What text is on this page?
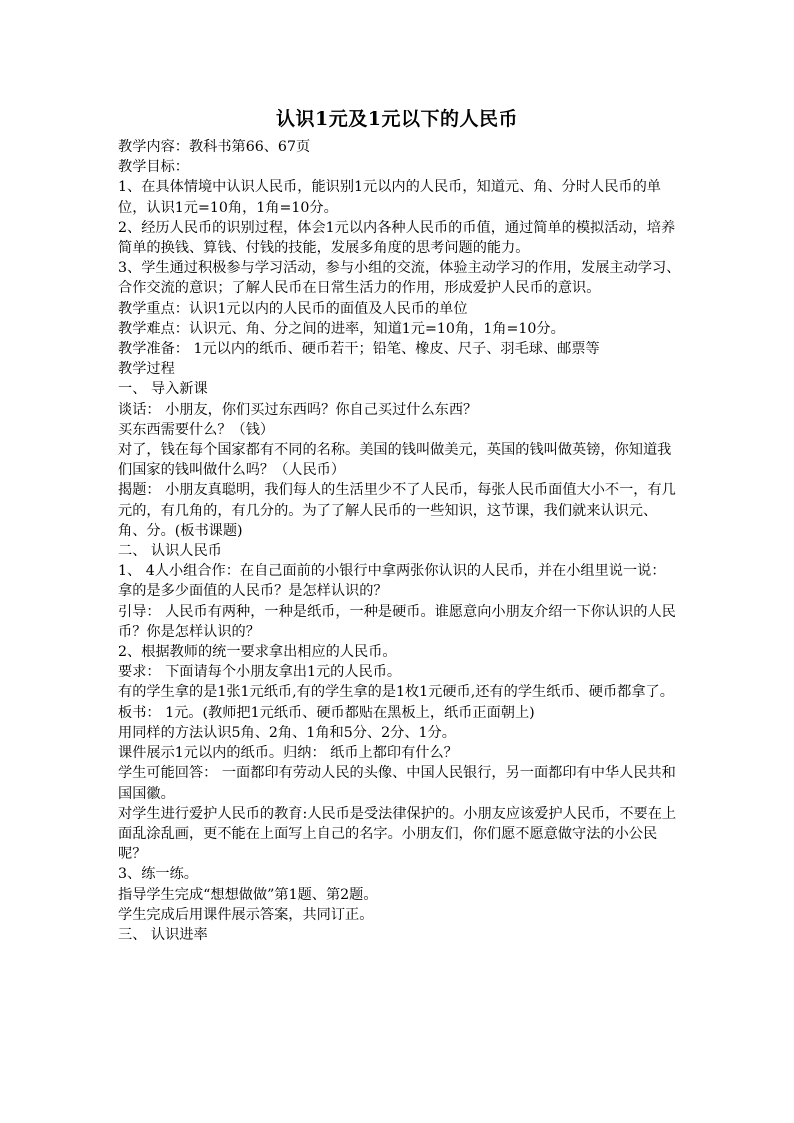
认识1元及1元以下的人民币

教学内容：教科书第66、67页

教学目标：

1、在具体情境中认识人民币，能识别1元以内的人民币，知道元、角、分时人民币的单位，认识1元=10角，1角=10分。

2、经历人民币的识别过程，体会1元以内各种人民币的币值，通过简单的模拟活动，培养简单的换钱、算钱、付钱的技能，发展多角度的思考问题的能力。

3、学生通过积极参与学习活动，参与小组的交流，体验主动学习的作用，发展主动学习、合作交流的意识；了解人民币在日常生活力的作用，形成爱护人民币的意识。

教学重点：认识1元以内的人民币的面值及人民币的单位

教学难点：认识元、角、分之间的进率，知道1元=10角，1角=10分。

教学准备： 1元以内的纸币、硬币若干；铅笔、橡皮、尺子、羽毛球、邮票等

教学过程

一、 导入新课

谈话： 小朋友，你们买过东西吗？你自己买过什么东西？

买东西需要什么？（钱）

对了，钱在每个国家都有不同的名称。美国的钱叫做美元，英国的钱叫做英镑，你知道我们国家的钱叫做什么吗？（人民币）

揭题： 小朋友真聪明，我们每人的生活里少不了人民币，每张人民币面值大小不一，有几元的，有几角的，有几分的。为了了解人民币的一些知识，这节课，我们就来认识元、角、分。(板书课题)

二、 认识人民币

1、 4人小组合作：在自己面前的小银行中拿两张你认识的人民币，并在小组里说一说： 拿的是多少面值的人民币？是怎样认识的？

引导： 人民币有两种，一种是纸币，一种是硬币。谁愿意向小朋友介绍一下你认识的人民币？你是怎样认识的？

2、根据教师的统一要求拿出相应的人民币。

要求： 下面请每个小朋友拿出1元的人民币。

有的学生拿的是1张1元纸币,有的学生拿的是1枚1元硬币,还有的学生纸币、硬币都拿了。

板书： 1元。(教师把1元纸币、硬币都贴在黑板上，纸币正面朝上)

用同样的方法认识5角、2角、1角和5分、2分、1分。

课件展示1元以内的纸币。归纳： 纸币上都印有什么？

学生可能回答： 一面都印有劳动人民的头像、中国人民银行，另一面都印有中华人民共和国国徽。

对学生进行爱护人民币的教育:人民币是受法律保护的。小朋友应该爱护人民币，不要在上面乱涂乱画，更不能在上面写上自己的名字。小朋友们，你们愿不愿意做守法的小公民呢？

3、练一练。

指导学生完成“想想做做”第1题、第2题。

学生完成后用课件展示答案，共同订正。

三、 认识进率
